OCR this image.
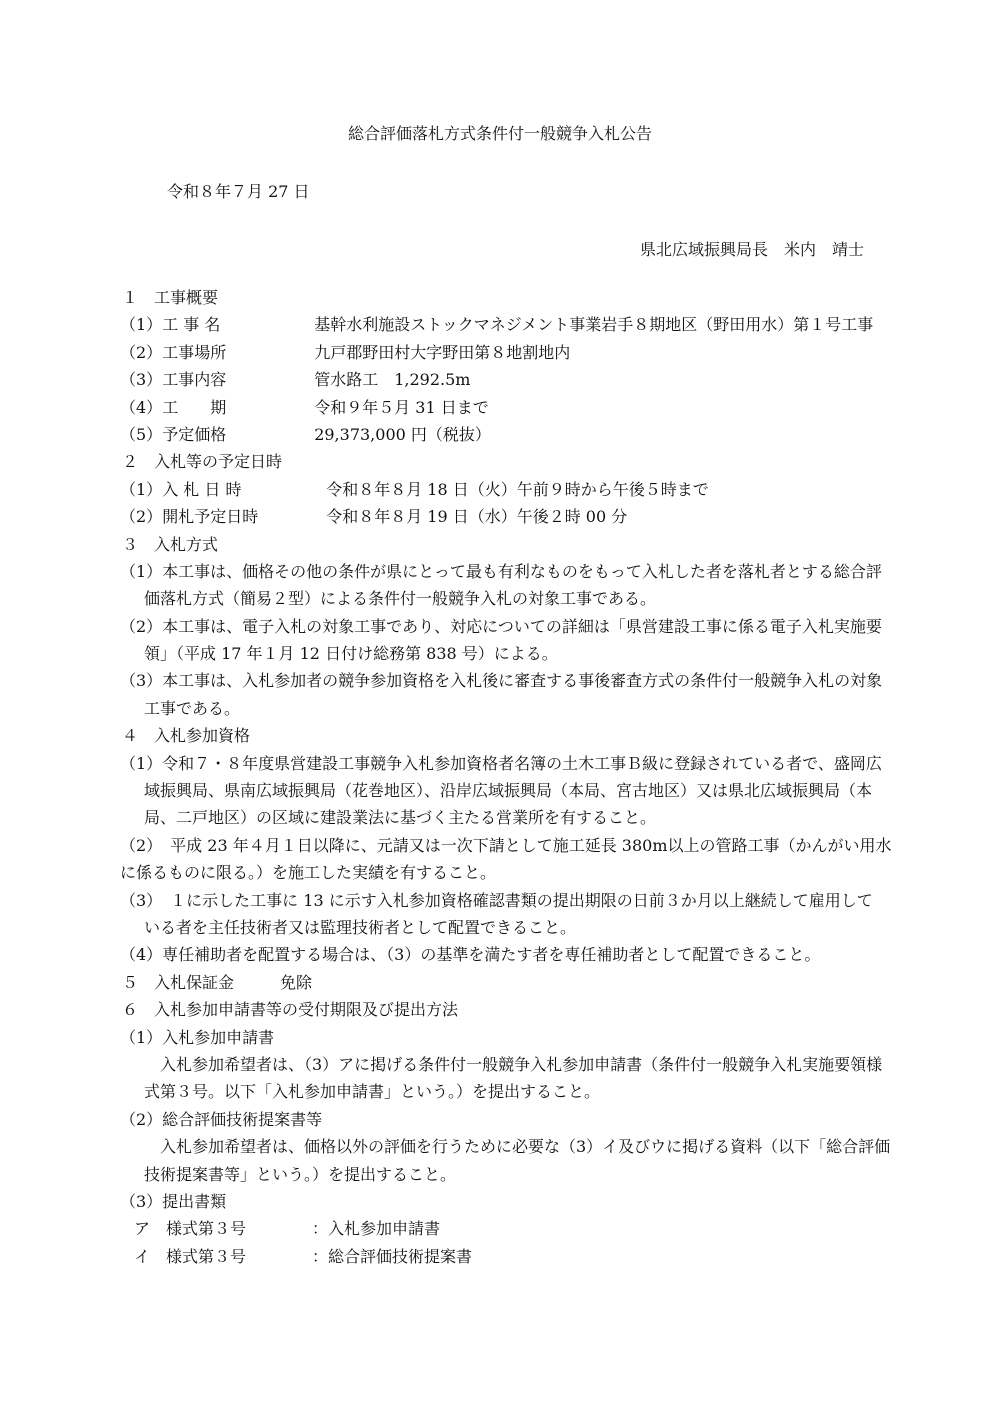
総合評価落札方式条件付一般競争入札公告
令和８年７月 27 日
県北広域振興局長　米内　靖士
１ 工事概要
（1）工 事 名	基幹水利施設ストックマネジメント事業岩手８期地区（野田用水）第１号工事
（2）工事場所	九戸郡野田村大字野田第８地割地内
（3）工事内容	管水路工　1,292.5m
（4）工　　期	令和９年５月 31 日まで
（5）予定価格	29,373,000 円（税抜）
２ 入札等の予定日時
（1）入 札 日 時	令和８年８月 18 日（火）午前９時から午後５時まで
（2）開札予定日時	令和８年８月 19 日（水）午後２時 00 分
３ 入札方式
（1）本工事は、価格その他の条件が県にとって最も有利なものをもって入札した者を落札者とする総合評
価落札方式（簡易２型）による条件付一般競争入札の対象工事である。
（2）本工事は、電子入札の対象工事であり、対応についての詳細は「県営建設工事に係る電子入札実施要
領」（平成 17 年１月 12 日付け総務第 838 号）による。
（3）本工事は、入札参加者の競争参加資格を入札後に審査する事後審査方式の条件付一般競争入札の対象
工事である。
４ 入札参加資格
（1）令和７・８年度県営建設工事競争入札参加資格者名簿の土木工事Ｂ級に登録されている者で、盛岡広
域振興局、県南広域振興局（花巻地区）、沿岸広域振興局（本局、宮古地区）又は県北広域振興局（本
局、二戸地区）の区域に建設業法に基づく主たる営業所を有すること。
（2）　平成 23 年４月１日以降に、元請又は一次下請として施工延長 380m以上の管路工事（かんがい用水
に係るものに限る。）を施工した実績を有すること。
（3）　１に示した工事に 13 に示す入札参加資格確認書類の提出期限の日前３か月以上継続して雇用して
いる者を主任技術者又は監理技術者として配置できること。
（4）専任補助者を配置する場合は、（3）の基準を満たす者を専任補助者として配置できること。
５ 入札保証金	免除
６ 入札参加申請書等の受付期限及び提出方法
（1）入札参加申請書
入札参加希望者は、（3）アに掲げる条件付一般競争入札参加申請書（条件付一般競争入札実施要領様
式第３号。以下「入札参加申請書」という。）を提出すること。
（2）総合評価技術提案書等
入札参加希望者は、価格以外の評価を行うために必要な（3）イ及びウに掲げる資料（以下「総合評価
技術提案書等」という。）を提出すること。
（3）提出書類
ア　様式第３号	：入札参加申請書
イ　様式第３号	：総合評価技術提案書
